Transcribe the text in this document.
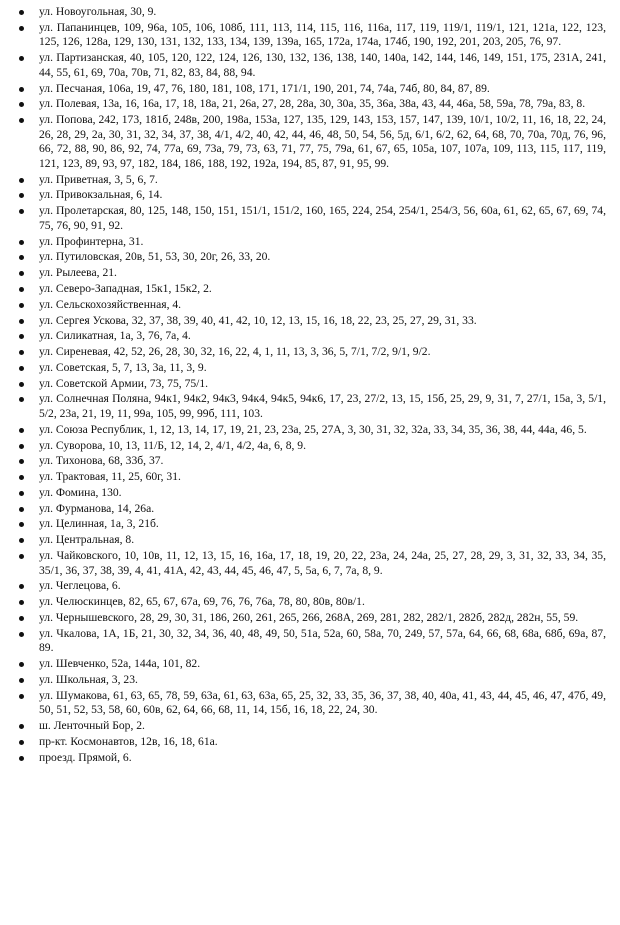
ул. Новоугольная, 30, 9.
ул. Папанинцев, 109, 96а, 105, 106, 108б, 111, 113, 114, 115, 116, 116а, 117, 119, 119/1, 119/1, 121, 121а, 122, 123, 125, 126, 128а, 129, 130, 131, 132, 133, 134, 139, 139а, 165, 172а, 174а, 174б, 190, 192, 201, 203, 205, 76, 97.
ул. Партизанская, 40, 105, 120, 122, 124, 126, 130, 132, 136, 138, 140, 140а, 142, 144, 146, 149, 151, 175, 231А, 241, 44, 55, 61, 69, 70а, 70в, 71, 82, 83, 84, 88, 94.
ул. Песчаная, 106а, 19, 47, 76, 180, 181, 108, 171, 171/1, 190, 201, 74, 74а, 74б, 80, 84, 87, 89.
ул. Полевая, 13а, 16, 16а, 17, 18, 18а, 21, 26а, 27, 28, 28а, 30, 30а, 35, 36а, 38а, 43, 44, 46а, 58, 59а, 78, 79а, 83, 8.
ул. Попова, 242, 173, 181б, 248в, 200, 198а, 153а, 127, 135, 129, 143, 153, 157, 147, 139, 10/1, 10/2, 11, 16, 18, 22, 24, 26, 28, 29, 2а, 30, 31, 32, 34, 37, 38, 4/1, 4/2, 40, 42, 44, 46, 48, 50, 54, 56, 5д, 6/1, 6/2, 62, 64, 68, 70, 70а, 70д, 76, 96, 66, 72, 88, 90, 86, 92, 74, 77а, 69, 73а, 79, 73, 63, 71, 77, 75, 79а, 61, 67, 65, 105а, 107, 107а, 109, 113, 115, 117, 119, 121, 123, 89, 93, 97, 182, 184, 186, 188, 192, 192а, 194, 85, 87, 91, 95, 99.
ул. Приветная, 3, 5, 6, 7.
ул. Привокзальная, 6, 14.
ул. Пролетарская, 80, 125, 148, 150, 151, 151/1, 151/2, 160, 165, 224, 254, 254/1, 254/3, 56, 60а, 61, 62, 65, 67, 69, 74, 75, 76, 90, 91, 92.
ул. Профинтерна, 31.
ул. Путиловская, 20в, 51, 53, 30, 20г, 26, 33, 20.
ул. Рылеева, 21.
ул. Северо-Западная, 15к1, 15к2, 2.
ул. Сельскохозяйственная, 4.
ул. Сергея Ускова, 32, 37, 38, 39, 40, 41, 42, 10, 12, 13, 15, 16, 18, 22, 23, 25, 27, 29, 31, 33.
ул. Силикатная, 1а, 3, 76, 7а, 4.
ул. Сиреневая, 42, 52, 26, 28, 30, 32, 16, 22, 4, 1, 11, 13, 3, 36, 5, 7/1, 7/2, 9/1, 9/2.
ул. Советская, 5, 7, 13, 3а, 11, 3, 9.
ул. Советской Армии, 73, 75, 75/1.
ул. Солнечная Поляна, 94к1, 94к2, 94к3, 94к4, 94к5, 94к6, 17, 23, 27/2, 13, 15, 15б, 25, 29, 9, 31, 7, 27/1, 15а, 3, 5/1, 5/2, 23а, 21, 19, 11, 99а, 105, 99, 99б, 111, 103.
ул. Союза Республик, 1, 12, 13, 14, 17, 19, 21, 23, 23а, 25, 27А, 3, 30, 31, 32, 32а, 33, 34, 35, 36, 38, 44, 44а, 46, 5.
ул. Суворова, 10, 13, 11/Б, 12, 14, 2, 4/1, 4/2, 4а, 6, 8, 9.
ул. Тихонова, 68, 33б, 37.
ул. Трактовая, 11, 25, 60г, 31.
ул. Фомина, 130.
ул. Фурманова, 14, 26а.
ул. Целинная, 1а, 3, 21б.
ул. Центральная, 8.
ул. Чайковского, 10, 10в, 11, 12, 13, 15, 16, 16а, 17, 18, 19, 20, 22, 23а, 24, 24а, 25, 27, 28, 29, 3, 31, 32, 33, 34, 35, 35/1, 36, 37, 38, 39, 4, 41, 41А, 42, 43, 44, 45, 46, 47, 5, 5а, 6, 7, 7а, 8, 9.
ул. Чеглецова, 6.
ул. Челюскинцев, 82, 65, 67, 67а, 69, 76, 76, 76а, 78, 80, 80в, 80в/1.
ул. Чернышевского, 28, 29, 30, 31, 186, 260, 261, 265, 266, 268А, 269, 281, 282, 282/1, 282б, 282д, 282н, 55, 59.
ул. Чкалова, 1А, 1Б, 21, 30, 32, 34, 36, 40, 48, 49, 50, 51а, 52а, 60, 58а, 70, 249, 57, 57а, 64, 66, 68, 68а, 68б, 69а, 87, 89.
ул. Шевченко, 52а, 144а, 101, 82.
ул. Школьная, 3, 23.
ул. Шумакова, 61, 63, 65, 78, 59, 63а, 61, 63, 63а, 65, 25, 32, 33, 35, 36, 37, 38, 40, 40а, 41, 43, 44, 45, 46, 47, 47б, 49, 50, 51, 52, 53, 58, 60, 60в, 62, 64, 66, 68, 11, 14, 15б, 16, 18, 22, 24, 30.
ш. Ленточный Бор, 2.
пр-кт. Космонавтов, 12в, 16, 18, 61а.
проезд. Прямой, 6.
